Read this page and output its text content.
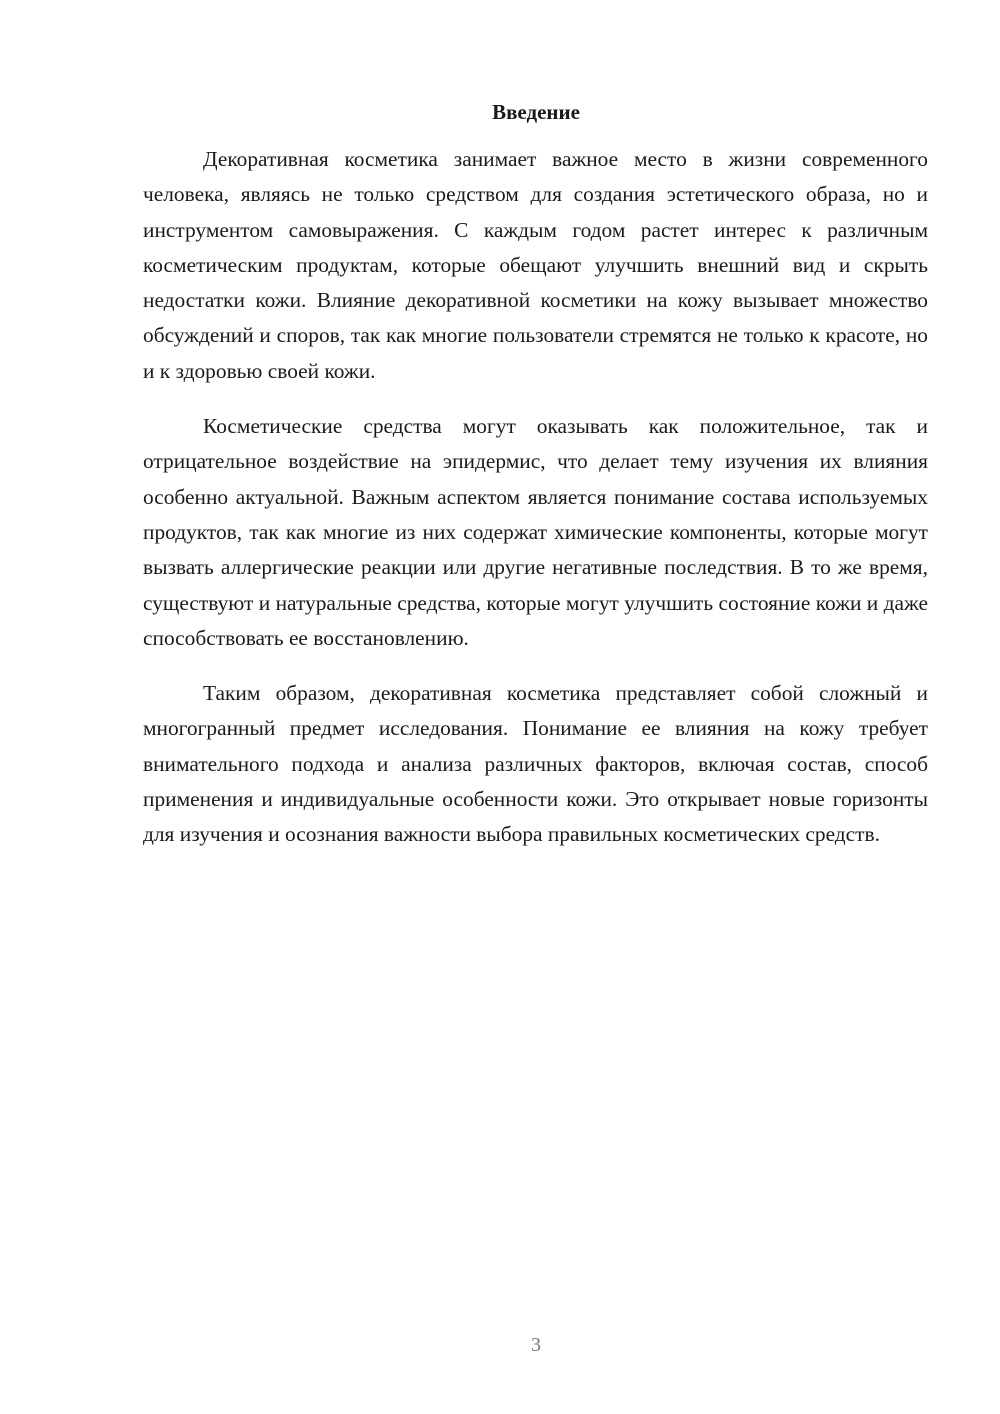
Введение

Декоративная косметика занимает важное место в жизни современного человека, являясь не только средством для создания эстетического образа, но и инструментом самовыражения. С каждым годом растет интерес к различным косметическим продуктам, которые обещают улучшить внешний вид и скрыть недостатки кожи. Влияние декоративной косметики на кожу вызывает множество обсуждений и споров, так как многие пользователи стремятся не только к красоте, но и к здоровью своей кожи.

Косметические средства могут оказывать как положительное, так и отрицательное воздействие на эпидермис, что делает тему изучения их влияния особенно актуальной. Важным аспектом является понимание состава используемых продуктов, так как многие из них содержат химические компоненты, которые могут вызвать аллергические реакции или другие негативные последствия. В то же время, существуют и натуральные средства, которые могут улучшить состояние кожи и даже способствовать ее восстановлению.

Таким образом, декоративная косметика представляет собой сложный и многогранный предмет исследования. Понимание ее влияния на кожу требует внимательного подхода и анализа различных факторов, включая состав, способ применения и индивидуальные особенности кожи. Это открывает новые горизонты для изучения и осознания важности выбора правильных косметических средств.

3
